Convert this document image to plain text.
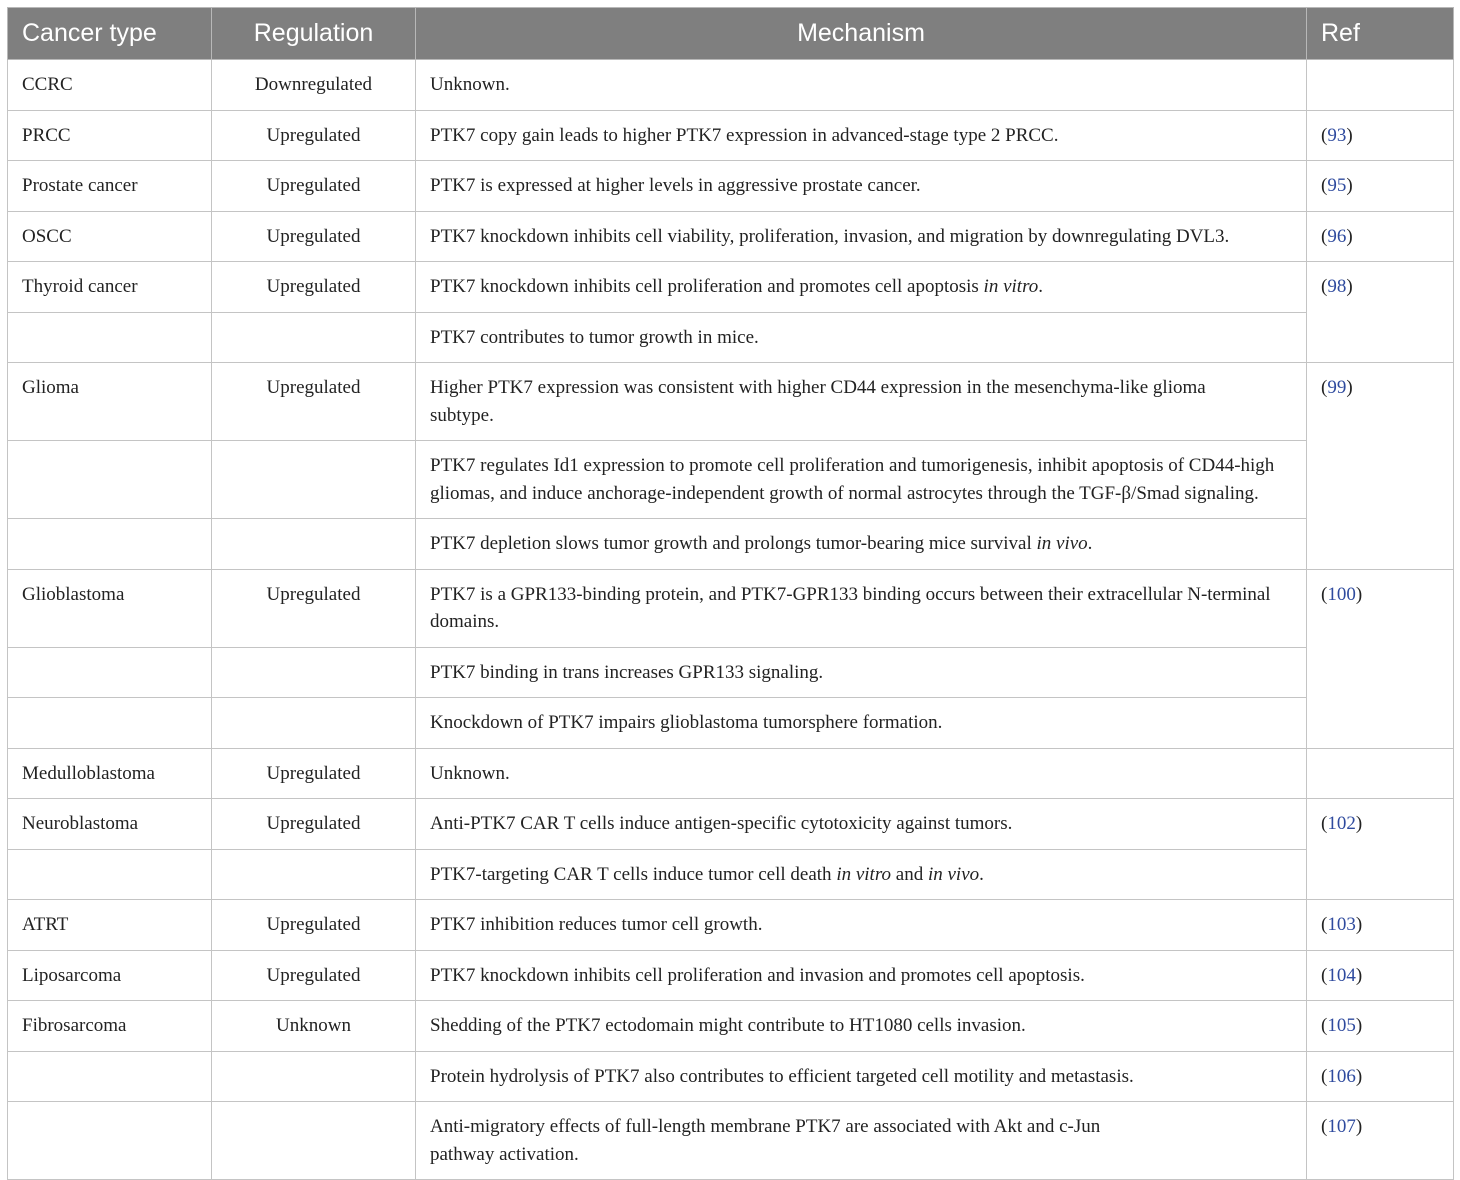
Cancer type	Regulation	Mechanism	Ref
CCRC	Downregulated	Unknown.	
PRCC	Upregulated	PTK7 copy gain leads to higher PTK7 expression in advanced-stage type 2 PRCC.	(93)
Prostate cancer	Upregulated	PTK7 is expressed at higher levels in aggressive prostate cancer.	(95)
OSCC	Upregulated	PTK7 knockdown inhibits cell viability, proliferation, invasion, and migration by downregulating DVL3.	(96)
Thyroid cancer	Upregulated	PTK7 knockdown inhibits cell proliferation and promotes cell apoptosis in vitro.	(98)
		PTK7 contributes to tumor growth in mice.	
Glioma	Upregulated	Higher PTK7 expression was consistent with higher CD44 expression in the mesenchyma-like glioma subtype.	(99)
		PTK7 regulates Id1 expression to promote cell proliferation and tumorigenesis, inhibit apoptosis of CD44-high gliomas, and induce anchorage-independent growth of normal astrocytes through the TGF-β/Smad signaling.	
		PTK7 depletion slows tumor growth and prolongs tumor-bearing mice survival in vivo.	
Glioblastoma	Upregulated	PTK7 is a GPR133-binding protein, and PTK7-GPR133 binding occurs between their extracellular N-terminal domains.	(100)
		PTK7 binding in trans increases GPR133 signaling.	
		Knockdown of PTK7 impairs glioblastoma tumorsphere formation.	
Medulloblastoma	Upregulated	Unknown.	
Neuroblastoma	Upregulated	Anti-PTK7 CAR T cells induce antigen-specific cytotoxicity against tumors.	(102)
		PTK7-targeting CAR T cells induce tumor cell death in vitro and in vivo.	
ATRT	Upregulated	PTK7 inhibition reduces tumor cell growth.	(103)
Liposarcoma	Upregulated	PTK7 knockdown inhibits cell proliferation and invasion and promotes cell apoptosis.	(104)
Fibrosarcoma	Unknown	Shedding of the PTK7 ectodomain might contribute to HT1080 cells invasion.	(105)
		Protein hydrolysis of PTK7 also contributes to efficient targeted cell motility and metastasis.	(106)
		Anti-migratory effects of full-length membrane PTK7 are associated with Akt and c-Jun pathway activation.	(107)
